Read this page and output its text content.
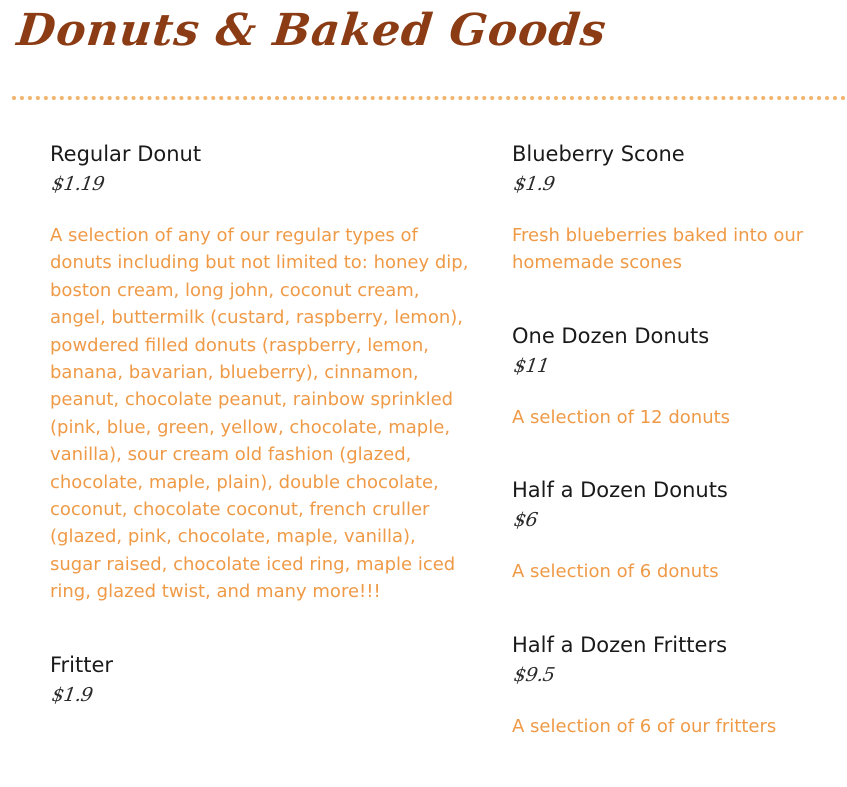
Donuts & Baked Goods

Regular Donut

$1.19

A selection of any of our regular types of donuts including but not limited to: honey dip, boston cream, long john, coconut cream, angel, buttermilk (custard, raspberry, lemon), powdered filled donuts (raspberry, lemon, banana, bavarian, blueberry), cinnamon, peanut, chocolate peanut, rainbow sprinkled (pink, blue, green, yellow, chocolate, maple, vanilla), sour cream old fashion (glazed, chocolate, maple, plain), double chocolate, coconut, chocolate coconut, french cruller (glazed, pink, chocolate, maple, vanilla), sugar raised, chocolate iced ring, maple iced ring, glazed twist, and many more!!!

Fritter

$1.9

Blueberry Scone

$1.9

Fresh blueberries baked into our homemade scones

One Dozen Donuts

$11

A selection of 12 donuts

Half a Dozen Donuts

$6

A selection of 6 donuts

Half a Dozen Fritters

$9.5

A selection of 6 of our fritters
